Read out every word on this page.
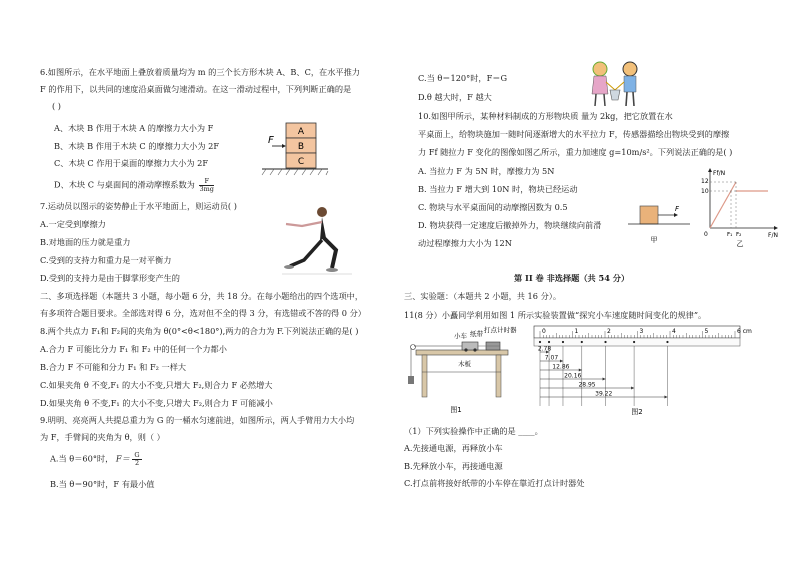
6.如图所示，在水平地面上叠放着质量均为 m 的三个长方形木块 A、B、C，在水平推力
F 的作用下，以共同的速度沿桌面做匀速滑动。在这一滑动过程中，下列判断正确的是
( )
A、木块 B 作用于木块 A 的摩擦力大小为 F
B、木块 B 作用于木块 C 的摩擦力大小为 2F
C、木块 C 作用于桌面的摩擦力大小为 2F
D、木块 C 与桌面间的滑动摩擦系数为 $\frac{F}{3mg}$
A
B
C
F
7.运动员以图示的姿势静止于水平地面上，则运动员( )
A.一定受到摩擦力
B.对地面的压力就是重力
C.受到的支持力和重力是一对平衡力
D.受到的支持力是由于脚掌形变产生的
二、多项选择题（本题共 3 小题，每小题 6 分，共 18 分。在每小题给出的四个选项中，
有多项符合题目要求。全部选对得 6 分，选对但不全的得 3 分，有选错或不答的得 0 分）
8.两个共点力 F₁和 F₂间的夹角为 θ(0°<θ<180°),两力的合力为 F.下列说法正确的是( )
A.合力 F 可能比分力 F₁ 和 F₂ 中的任何一个力都小
B.合力 F 不可能和分力 F₁ 和 F₂ 一样大
C.如果夹角 θ 不变,F₁ 的大小不变,只增大 F₂,则合力 F 必然增大
D.如果夹角 θ 不变,F₁ 的大小不变,只增大 F₂,则合力 F 可能减小
9.明明、亮亮两人共提总重力为 G 的一桶水匀速前进，如图所示，两人手臂用力大小均
为 F，手臂间的夹角为 θ，则（ ）
A.当 θ＝60°时， $F= \frac{G}{2}$
B.当 θ＝90°时，F 有最小值
C.当 θ＝120°时，F＝G
D.θ 越大时，F 越大
10.如图甲所示，某种材料制成的方形物块质 量为 2kg，把它放置在水
平桌面上，给物块施加一随时间逐渐增大的水平拉力 F，传感器描绘出物块受到的摩擦
力 Ff 随拉力 F 变化的图像如图乙所示，重力加速度 g=10m/s²。下列说法正确的是( )
A. 当拉力 F 为 5N 时，摩擦力为 5N
B. 当拉力 F 增大到 10N 时，物块已经运动
C. 物块与水平桌面间的动摩擦因数为 0.5
D. 物块获得一定速度后撤掉外力，物块继续向前滑
动过程摩擦力大小为 12N
F
甲
Ff/N
F/N
12
10
0	F₁ F₂
乙
第 II 卷 非选择题（共 54 分）
三、实验题：（本题共 2 小题，共 16 分）。
11(8 分）小矗同学利用如图 1 所示实验装置做“探究小车速度随时间变化的规律”。
小车 纸带 打点计时器
木板
图1
0	1	2	3	4	5	6 cm
2.78
7.07
12.86
20.16
28.95
39.22
图2
（1）下列实验操作中正确的是 ____。
A.先接通电源，再释放小车
B.先释放小车，再接通电源
C.打点前将接好纸带的小车停在靠近打点计时器处
